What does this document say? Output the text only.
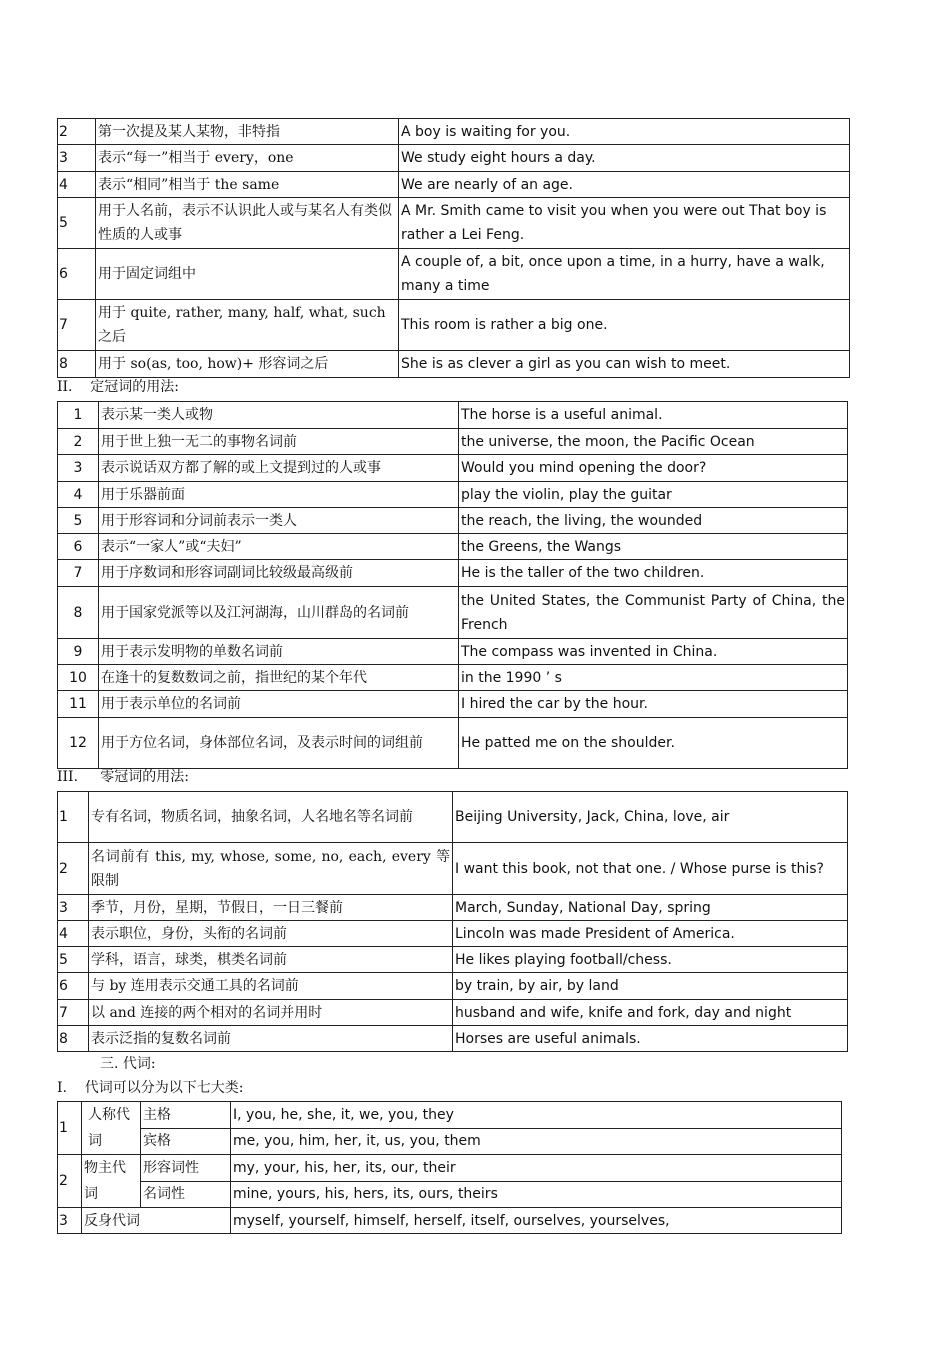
2	第一次提及某人某物，非特指	A boy is waiting for you.
3	表示“每一”相当于 every，one	We study eight hours a day.
4	表示“相同”相当于 the same	We are nearly of an age.
5	用于人名前，表示不认识此人或与某名人有类似性质的人或事	A Mr. Smith came to visit you when you were out That boy is rather a Lei Feng.
6	用于固定词组中	A couple of, a bit, once upon a time, in a hurry, have a walk, many a time
7	用于 quite, rather, many, half, what, such 之后	This room is rather a big one.
8	用于 so(as, too, how)+ 形容词之后	She is as clever a girl as you can wish to meet.
II.    定冠词的用法:
1	表示某一类人或物	The horse is a useful animal.
2	用于世上独一无二的事物名词前	the universe, the moon, the Pacific Ocean
3	表示说话双方都了解的或上文提到过的人或事	Would you mind opening the door?
4	用于乐器前面	play the violin, play the guitar
5	用于形容词和分词前表示一类人	the reach, the living, the wounded
6	表示“一家人”或“夫妇”	the Greens, the Wangs
7	用于序数词和形容词副词比较级最高级前	He is the taller of the two children.
8	用于国家党派等以及江河湖海，山川群岛的名词前	the United States, the Communist Party of China, the French
9	用于表示发明物的单数名词前	The compass was invented in China.
10	在逢十的复数数词之前，指世纪的某个年代	in the 1990 ’ s
11	用于表示单位的名词前	I hired the car by the hour.
12	用于方位名词，身体部位名词，及表示时间的词组前	He patted me on the shoulder.
III.     零冠词的用法:
1	专有名词，物质名词，抽象名词，人名地名等名词前	Beijing University, Jack, China, love, air
2	名词前有 this, my, whose, some, no, each, every 等限制	I want this book, not that one. / Whose purse is this?
3	季节，月份，星期，节假日，一日三餐前	March, Sunday, National Day, spring
4	表示职位，身份，头衔的名词前	Lincoln was made President of America.
5	学科，语言，球类，棋类名词前	He likes playing football/chess.
6	与 by 连用表示交通工具的名词前	by train, by air, by land
7	以 and 连接的两个相对的名词并用时	husband and wife, knife and fork, day and night
8	表示泛指的复数名词前	Horses are useful animals.
三. 代词:
I.    代词可以分为以下七大类:
1	人称代词	主格	I, you, he, she, it, we, you, they
		宾格	me, you, him, her, it, us, you, them
2	物主代词	形容词性	my, your, his, her, its, our, their
		名词性	mine, yours, his, hers, its, ours, theirs
3	反身代词		myself, yourself, himself, herself, itself, ourselves, yourselves,
